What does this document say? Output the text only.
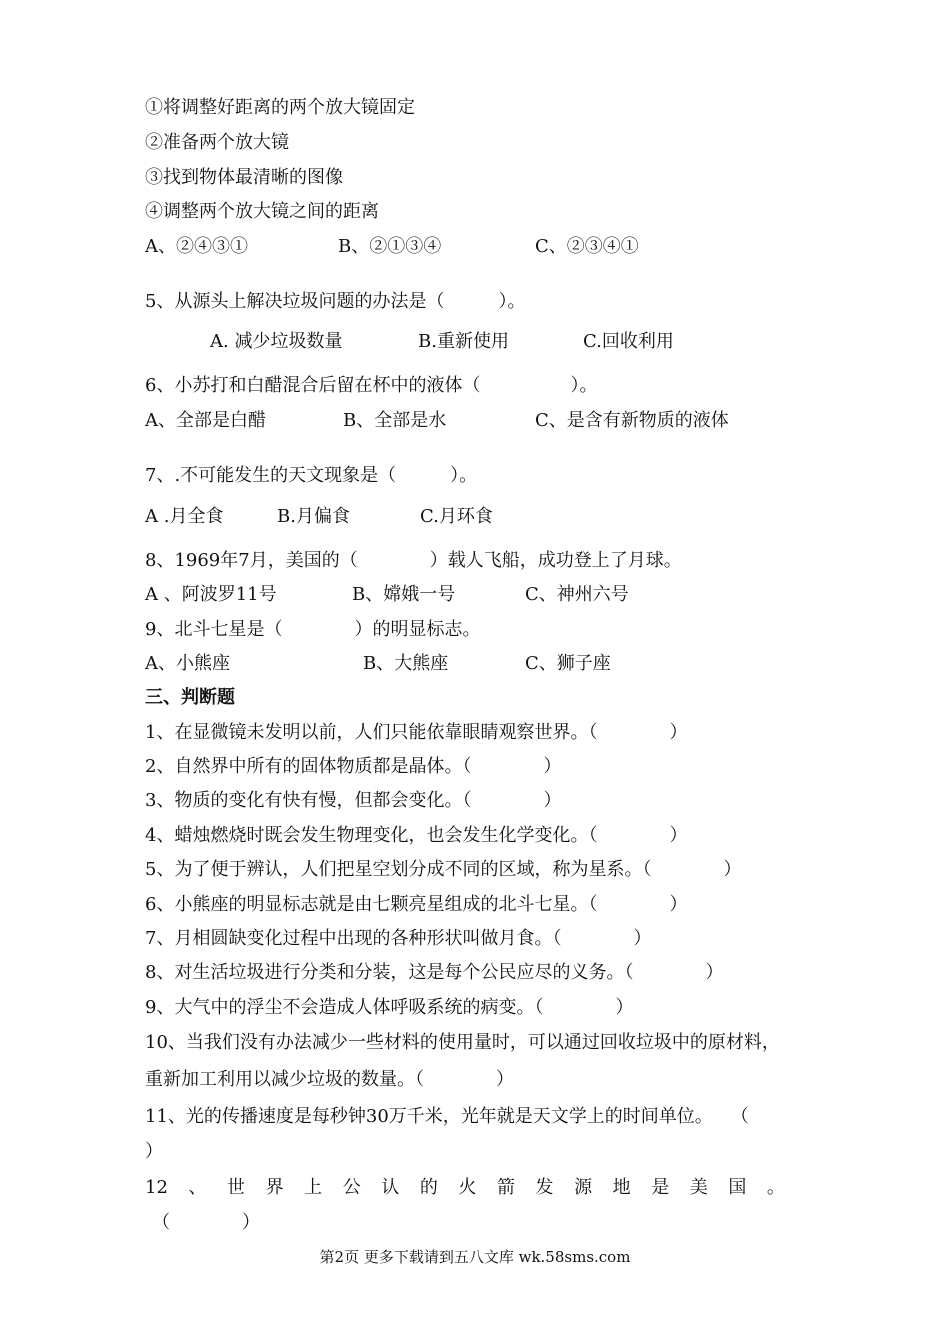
①将调整好距离的两个放大镜固定
②准备两个放大镜
③找到物体最清晰的图像
④调整两个放大镜之间的距离
A、②④③①	B、②①③④	C、②③④①
5、从源头上解决垃圾问题的办法是（　　　）。
A. 减少垃圾数量	B.重新使用	C.回收利用
6、小苏打和白醋混合后留在杯中的液体（　　　　　）。
A、全部是白醋	B、全部是水	C、是含有新物质的液体
7、.不可能发生的天文现象是（　　　）。
A .月全食	B.月偏食	C.月环食
8、1969年7月，美国的（　　　　）载人飞船，成功登上了月球。
A 、阿波罗11号	B、嫦娥一号	C、神州六号
9、北斗七星是（　　　　）的明显标志。
A、小熊座	B、大熊座	C、狮子座
三、判断题
1、在显微镜未发明以前，人们只能依靠眼睛观察世界。（　　　　）
2、自然界中所有的固体物质都是晶体。（　　　　）
3、物质的变化有快有慢，但都会变化。（　　　　）
4、蜡烛燃烧时既会发生物理变化，也会发生化学变化。（　　　　）
5、为了便于辨认，人们把星空划分成不同的区域，称为星系。（　　　　）
6、小熊座的明显标志就是由七颗亮星组成的北斗七星。（　　　　）
7、月相圆缺变化过程中出现的各种形状叫做月食。（　　　　）
8、对生活垃圾进行分类和分装，这是每个公民应尽的义务。（　　　　）
9、大气中的浮尘不会造成人体呼吸系统的病变。（　　　　）
10、当我们没有办法减少一些材料的使用量时，可以通过回收垃圾中的原材料，
重新加工利用以减少垃圾的数量。（　　　　）
11、光的传播速度是每秒钟30万千米，光年就是天文学上的时间单位。　　（
）
12 、 世 界 上 公 认 的 火 箭 发 源 地 是 美 国 。
（　　　　）
第2页 更多下载请到五八文库 wk.58sms.com
